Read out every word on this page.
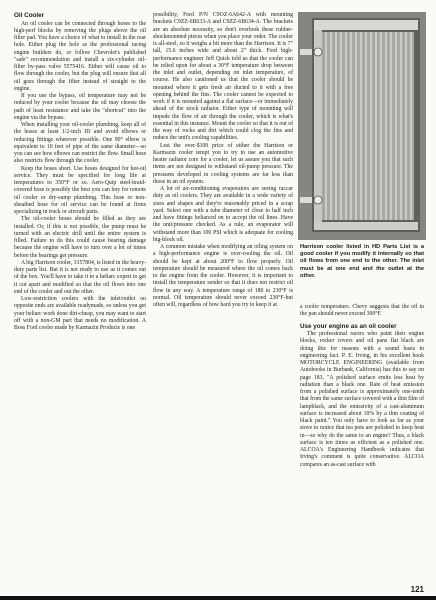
Oil Cooler

An oil cooler can be connected through hoses to the high-perf blocks by removing the plugs above the oil filter pad. You have a choice of what to install in the rear hole. Either plug the hole as the professional racing engine builders do, or follow Chevrolet's published "safe" recommendation and install a six-cylinder oil-filter by-pass valve 5575416. Either will cause oil to flow through the cooler, but the plug will ensure that all oil goes through the filter instead of straight to the engine.

If you use the bypass, oil temperature may not be reduced by your cooler because the oil may choose the path of least resistance and take the "shortcut" into the engine via the bypass.

When installing your oil-cooler plumbing, keep all of the hoses at least 1/2-inch ID and avoid elbows or reducing fittings wherever possible. One 90° elbow is equivalent to 10 feet of pipe of the same diameter—so you can see how elbows can restrict the flow. Small hose also restricts flow through the cooler.

Keep the hoses short. Use hoses designed for hot-oil service. They must be specified for long life at temperatures to 350°F or so. Aero-Quip steel-braid-covered hose is possibly the best you can buy for remote oil cooler or dry-sump plumbing. This hose or non-sheathed hose for oil service can be found at firms specializing in truck or aircraft parts.

The oil-cooler hoses should be filled as they are installed. Or, if this is not possible, the pump must be turned with an electric drill until the entire system is filled. Failure to do this could cause bearing damage because the engine will have to turn over a lot of times before the bearings get pressure.

A big Harrison cooler, 3157804, is listed in the heavy-duty parts list. But it is not ready to use as it comes out of the box. You'll have to take it to a heliarc expert to get it cut apart and modified so that the oil flows into one end of the cooler and out the other.

Low-restriction coolers with the inlet/outlet on opposite ends are available readymade, so unless you get your heliarc work done dirt-cheap, you may want to start off with a non-GM part that needs no modification. A Boss Ford cooler made by Karmazin Products is one

possibility, Ford P/N C9OZ-6A642-A with mounting brackets C9ZZ-6B633-A and C9ZZ-6B634-A. The brackets are an absolute necessity, so don't overlook these rubber-shockmounted pieces when you place your order. The cooler is all-steel, so it weighs a bit more than the Harrison. It is 7" tall, 15.6 inches wide and about 2" thick. Ford high-performance engineer Jeff Quick told us that the cooler can be relied upon for about a 30°F temperature drop between the inlet and outlet, depending on inlet temperature, of course. He also cautioned us that the cooler should be mounted where it gets fresh air ducted to it with a free opening behind the fins. The cooler cannot be expected to work if it is mounted against a flat surface—or immediately ahead of the stock radiator. Either type of mounting will impede the flow of air through the cooler, which is what's essential in this instance. Mount the cooler so that it is out of the way of rocks and dirt which could clog the fins and reduce the unit's cooling capabilities.

Lest the over-$100 price of either the Harrison or Karmazin cooler tempt you to try to use an automotive heater radiator core for a cooler, let us assure you that such items are not designed to withstand oil-pump pressure. The pressures developed in cooling systems are far less than those in an oil system.

A lot of air-conditioning evaporators are seeing raccar duty as oil coolers. They are available in a wide variety of sizes and shapes and they're reasonably priced in a scrap yard. Select one with a tube diameter of close to half inch and have fittings heliarced on to accept the oil lines. Have the unit/pressure checked. As a rule, an evaporator will withstand more than 100 PSI which is adequate for cooling big-block oil.

A common mistake when modifying an oiling system on a high-performance engine is over-cooling the oil. Oil should be kept at about 200°F to flow properly. Oil temperature should be measured where the oil comes back to the engine from the cooler. However, it is important to install the temperature sender so that it does not restrict oil flow in any way. A temperature range of 180 to 230°F is normal. Oil temperature should never exceed 230°F-but often will, regardless of how hard you try to keep it at

Harrison cooler listed in HD Parts List is a good cooler if you modify it internally so that oil flows from one end to the other. The inlet must be at one end and the outlet at the other.

a cooler temperature. Chevy suggests that the oil in the pan should never exceed 300°F.

Use your engine as an oil cooler

The professional racers who paint their engine blocks, rocker covers and oil pans flat black are doing this for reasons with a sound basis in engineering fact. P. E. Irving, in his excellent book MOTORCYCLE ENGINEERING (available from Autobooks in Burbank, California) has this to say on page 183, "A polished surface emits less heat by radiation than a black one. Rate of heat emission from a polished surface is approximately one-tenth that from the same surface covered with a thin film of lampblack, and the emissivity of a cast-aluminum surface is increased about 10% by a thin coating of black paint." You only have to look as far as your stove to notice that tea pots are polished to keep heat in—so why do the same to an engine? Thus, a black surface is ten times as efficient as a polished one. ALCOA's Engineering Handbook indicates that Irving's comment is quite conservative. ALCOA compares an as-cast surface with

121
